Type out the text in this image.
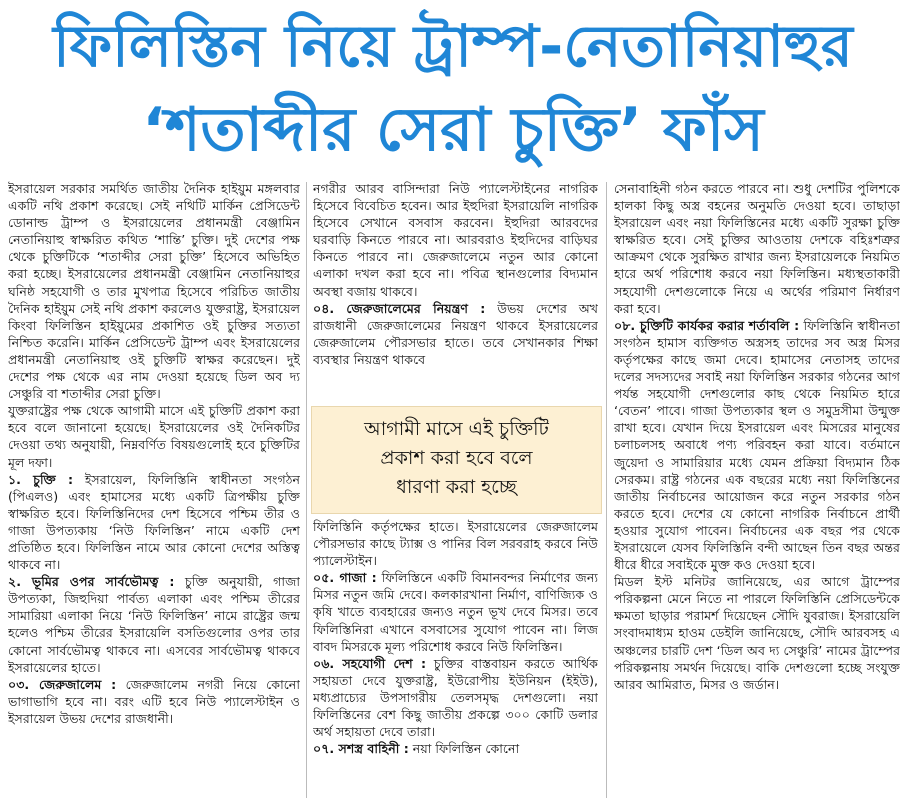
ফিলিস্তিন নিয়ে ট্রাম্প-নেতানিয়াহুর
‘শতাব্দীর সেরা চুক্তি’ ফাঁস

ইসরায়েল সরকার সমর্থিত জাতীয় দৈনিক হাইয়ুম মঙ্গলবার একটি নথি প্রকাশ করেছে। সেই নথিটি মার্কিন প্রেসিডেন্ট ডোনাল্ড ট্রাম্প ও ইসরায়েলের প্রধানমন্ত্রী বেঞ্জামিন নেতানিয়াহু স্বাক্ষরিত কথিত ‘শান্তি’ চুক্তি। দুই দেশের পক্ষ থেকে চুক্তিটিকে ‘শতাব্দীর সেরা চুক্তি’ হিসেবে অভিহিত করা হচ্ছে। ইসরায়েলের প্রধানমন্ত্রী বেঞ্জামিন নেতানিয়াহুর ঘনিষ্ঠ সহযোগী ও তার মুখপাত্র হিসেবে পরিচিত জাতীয় দৈনিক হাইয়ুম সেই নথি প্রকাশ করলেও যুক্তরাষ্ট্র, ইসরায়েল কিংবা ফিলিস্তিন হাইয়ুমের প্রকাশিত ওই চুক্তির সত্যতা নিশ্চিত করেনি। মার্কিন প্রেসিডেন্ট ট্রাম্প এবং ইসরায়েলের প্রধানমন্ত্রী নেতানিয়াহু ওই চুক্তিটি স্বাক্ষর করেছেন। দুই দেশের পক্ষ থেকে এর নাম দেওয়া হয়েছে ডিল অব দ্য সেঞ্চুরি বা শতাব্দীর সেরা চুক্তি।

যুক্তরাষ্ট্রের পক্ষ থেকে আগামী মাসে এই চুক্তিটি প্রকাশ করা হবে বলে জানানো হয়েছে। ইসরায়েলের ওই দৈনিকটির দেওয়া তথ্য অনুযায়ী, নিম্নবর্ণিত বিষয়গুলোই হবে চুক্তিটির মূল দফা।

১. চুক্তি : ইসরায়েল, ফিলিস্তিনি স্বাধীনতা সংগঠন (পিএলও) এবং হামাসের মধ্যে একটি ত্রিপক্ষীয় চুক্তি স্বাক্ষরিত হবে। ফিলিস্তিনিদের দেশ হিসেবে পশ্চিম তীর ও গাজা উপত্যকায় ‘নিউ ফিলিস্তিন’ নামে একটি দেশ প্রতিষ্ঠিত হবে। ফিলিস্তিন নামে আর কোনো দেশের অস্তিত্ব থাকবে না।

২. ভূমির ওপর সার্বভৌমত্ব : চুক্তি অনুযায়ী, গাজা উপত্যকা, জিহুদিয়া পার্বত্য এলাকা এবং পশ্চিম তীরের সামারিয়া এলাকা নিয়ে ‘নিউ ফিলিস্তিন’ নামে রাষ্ট্রের জন্ম হলেও পশ্চিম তীরের ইসরায়েলি বসতিগুলোর ওপর তার কোনো সার্বভৌমত্ব থাকবে না। এসবের সার্বভৌমত্ব থাকবে ইসরায়েলের হাতে।

০৩. জেরুজালেম : জেরুজালেম নগরী নিয়ে কোনো ভাগাভাগি হবে না। বরং এটি হবে নিউ প্যালেস্টাইন ও ইসরায়েল উভয় দেশের রাজধানী।

নগরীর আরব বাসিন্দারা নিউ প্যালেস্টাইনের নাগরিক হিসেবে বিবেচিত হবেন। আর ইহুদিরা ইসরায়েলি নাগরিক হিসেবে সেখানে বসবাস করবেন। ইহুদিরা আরবদের ঘরবাড়ি কিনতে পারবে না। আরবরাও ইহুদিদের বাড়িঘর কিনতে পারবে না। জেরুজালেমে নতুন আর কোনো এলাকা দখল করা হবে না। পবিত্র স্থানগুলোর বিদ্যমান অবস্থা বজায় থাকবে।

০৪. জেরুজালেমের নিয়ন্ত্রণ : উভয় দেশের অখ রাজধানী জেরুজালেমের নিয়ন্ত্রণ থাকবে ইসরায়েলের জেরুজালেম পৌরসভার হাতে। তবে সেখানকার শিক্ষা ব্যবস্থার নিয়ন্ত্রণ থাকবে

আগামী মাসে এই চুক্তিটি
প্রকাশ করা হবে বলে
ধারণা করা হচ্ছে

ফিলিস্তিনি কর্তৃপক্ষের হাতে। ইসরায়েলের জেরুজালেম পৌরসভার কাছে ট্যাক্স ও পানির বিল সরবরাহ করবে নিউ প্যালেস্টাইন।

০৫. গাজা : ফিলিস্তিনে একটি বিমানবন্দর নির্মাণের জন্য মিসর নতুন জমি দেবে। কলকারখানা নির্মাণ, বাণিজ্যিক ও কৃষি খাতে ব্যবহারের জন্যও নতুন ভূখ দেবে মিসর। তবে ফিলিস্তিনিরা এখানে বসবাসের সুযোগ পাবেন না। লিজ বাবদ মিসরকে মূল্য পরিশোধ করবে নিউ ফিলিস্তিন।

০৬. সহযোগী দেশ : চুক্তির বাস্তবায়ন করতে আর্থিক সহায়তা দেবে যুক্তরাষ্ট্র, ইউরোপীয় ইউনিয়ন (ইইউ), মধ্যপ্রাচ্যের উপসাগরীয় তেলসমৃদ্ধ দেশগুলো। নয়া ফিলিস্তিনের বেশ কিছু জাতীয় প্রকল্পে ৩০০ কোটি ডলার অর্থ সহায়তা দেবে তারা।

০৭. সশস্ত্র বাহিনী : নয়া ফিলিস্তিন কোনো

সেনাবাহিনী গঠন করতে পারবে না। শুধু দেশটির পুলিশকে হালকা কিছু অস্ত্র বহনের অনুমতি দেওয়া হবে। তাছাড়া ইসরায়েল এবং নয়া ফিলিস্তিনের মধ্যে একটি সুরক্ষা চুক্তি স্বাক্ষরিত হবে। সেই চুক্তির আওতায় দেশকে বহিঃশত্রুর আক্রমণ থেকে সুরক্ষিত রাখার জন্য ইসরায়েলকে নিয়মিত হারে অর্থ পরিশোধ করবে নয়া ফিলিস্তিন। মধ্যস্থতাকারী সহযোগী দেশগুলোকে নিয়ে এ অর্থের পরিমাণ নির্ধারণ করা হবে।

০৮. চুক্তিটি কার্যকর করার শর্তাবলি : ফিলিস্তিনি স্বাধীনতা সংগঠন হামাস ব্যক্তিগত অস্ত্রসহ তাদের সব অস্ত্র মিসর কর্তৃপক্ষের কাছে জমা দেবে। হামাসের নেতাসহ তাদের দলের সদস্যদের সবাই নয়া ফিলিস্তিন সরকার গঠনের আগ পর্যন্ত সহযোগী দেশগুলোর কাছ থেকে নিয়মিত হারে ‘বেতন’ পাবে। গাজা উপত্যকার স্থল ও সমুদ্রসীমা উন্মুক্ত রাখা হবে। যেখান দিয়ে ইসরায়েল এবং মিসরের মানুষের চলাচলসহ অবাধে পণ্য পরিবহন করা যাবে। বর্তমানে জুয়েদা ও সামারিয়ার মধ্যে যেমন প্রক্রিয়া বিদ্যমান ঠিক সেরকম। রাষ্ট্র গঠনের এক বছরের মধ্যে নয়া ফিলিস্তিনের জাতীয় নির্বাচনের আয়োজন করে নতুন সরকার গঠন করতে হবে। দেশের যে কোনো নাগরিক নির্বাচনে প্রার্থী হওয়ার সুযোগ পাবেন। নির্বাচনের এক বছর পর থেকে ইসরায়েলে যেসব ফিলিস্তিনি বন্দী আছেন তিন বছর অন্তর ধীরে ধীরে সবাইকে মুক্ত কও দেওয়া হবে।

মিডল ইস্ট মনিটর জানিয়েছে, এর আগে ট্রাম্পের পরিকল্পনা মেনে নিতে না পারলে ফিলিস্তিনি প্রেসিডেন্টকে ক্ষমতা ছাড়ার পরামর্শ দিয়েছেন সৌদি যুবরাজ। ইসরায়েলি সংবাদমাধ্যম হাওম ডেইলি জানিয়েছে, সৌদি আরবসহ এ অঞ্চলের চারটি দেশ ‘ডিল অব দ্য সেঞ্চুরি’ নামের ট্রাম্পের পরিকল্পনায় সমর্থন দিয়েছে। বাকি দেশগুলো হচ্ছে সংযুক্ত আরব আমিরাত, মিসর ও জর্ডান।
